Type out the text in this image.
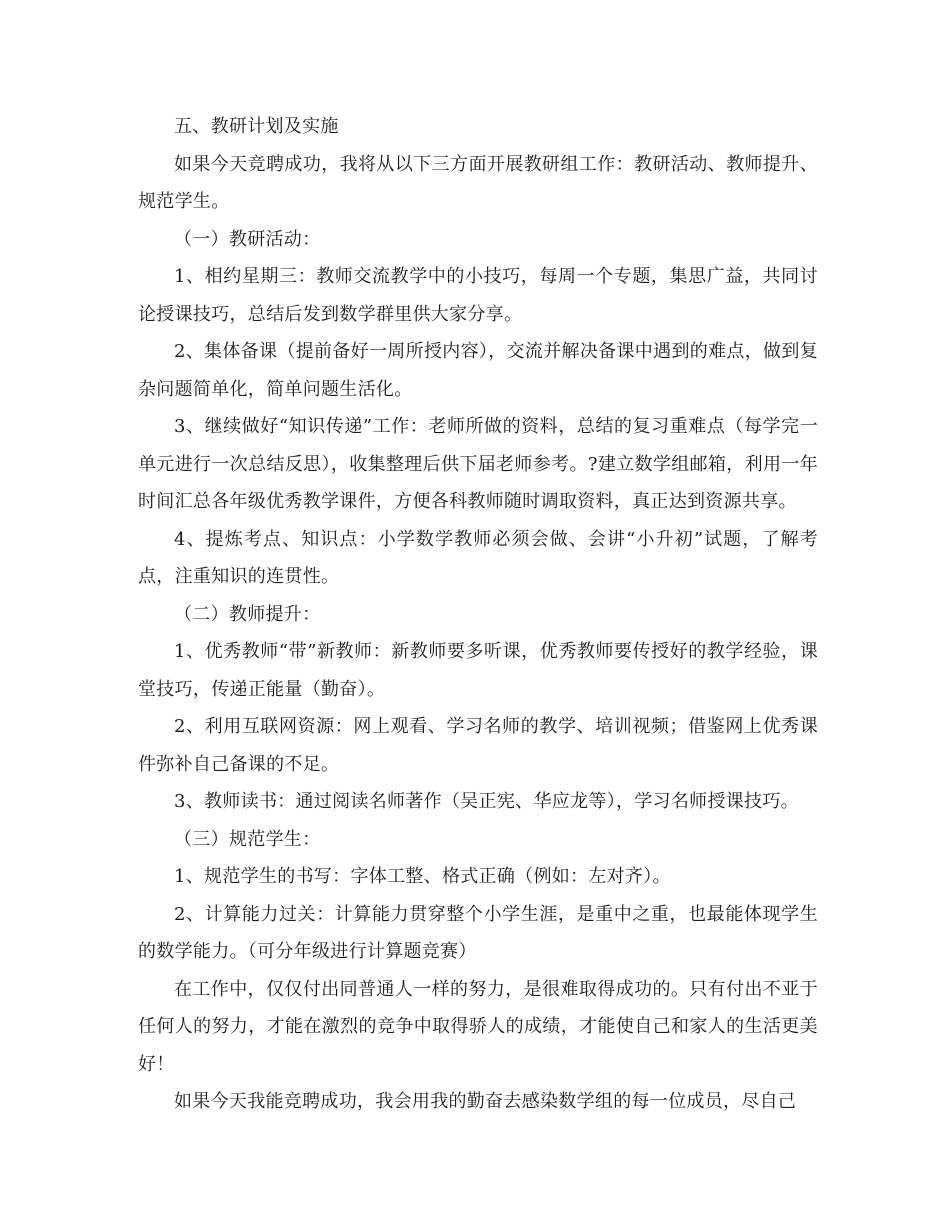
五、教研计划及实施

如果今天竞聘成功，我将从以下三方面开展教研组工作：教研活动、教师提升、规范学生。

（一）教研活动：

1、相约星期三：教师交流教学中的小技巧，每周一个专题，集思广益，共同讨论授课技巧，总结后发到数学群里供大家分享。

2、集体备课（提前备好一周所授内容），交流并解决备课中遇到的难点，做到复杂问题简单化，简单问题生活化。

3、继续做好“知识传递”工作：老师所做的资料，总结的复习重难点（每学完一单元进行一次总结反思），收集整理后供下届老师参考。?建立数学组邮箱，利用一年时间汇总各年级优秀教学课件，方便各科教师随时调取资料，真正达到资源共享。

4、提炼考点、知识点：小学数学教师必须会做、会讲“小升初”试题，了解考点，注重知识的连贯性。

（二）教师提升：

1、优秀教师“带”新教师：新教师要多听课，优秀教师要传授好的教学经验，课堂技巧，传递正能量（勤奋）。

2、利用互联网资源：网上观看、学习名师的教学、培训视频；借鉴网上优秀课件弥补自己备课的不足。

3、教师读书：通过阅读名师著作（吴正宪、华应龙等），学习名师授课技巧。

（三）规范学生：

1、规范学生的书写：字体工整、格式正确（例如：左对齐）。

2、计算能力过关：计算能力贯穿整个小学生涯，是重中之重，也最能体现学生的数学能力。（可分年级进行计算题竞赛）

在工作中，仅仅付出同普通人一样的努力，是很难取得成功的。只有付出不亚于任何人的努力，才能在激烈的竞争中取得骄人的成绩，才能使自己和家人的生活更美好！

如果今天我能竞聘成功，我会用我的勤奋去感染数学组的每一位成员，尽自己
